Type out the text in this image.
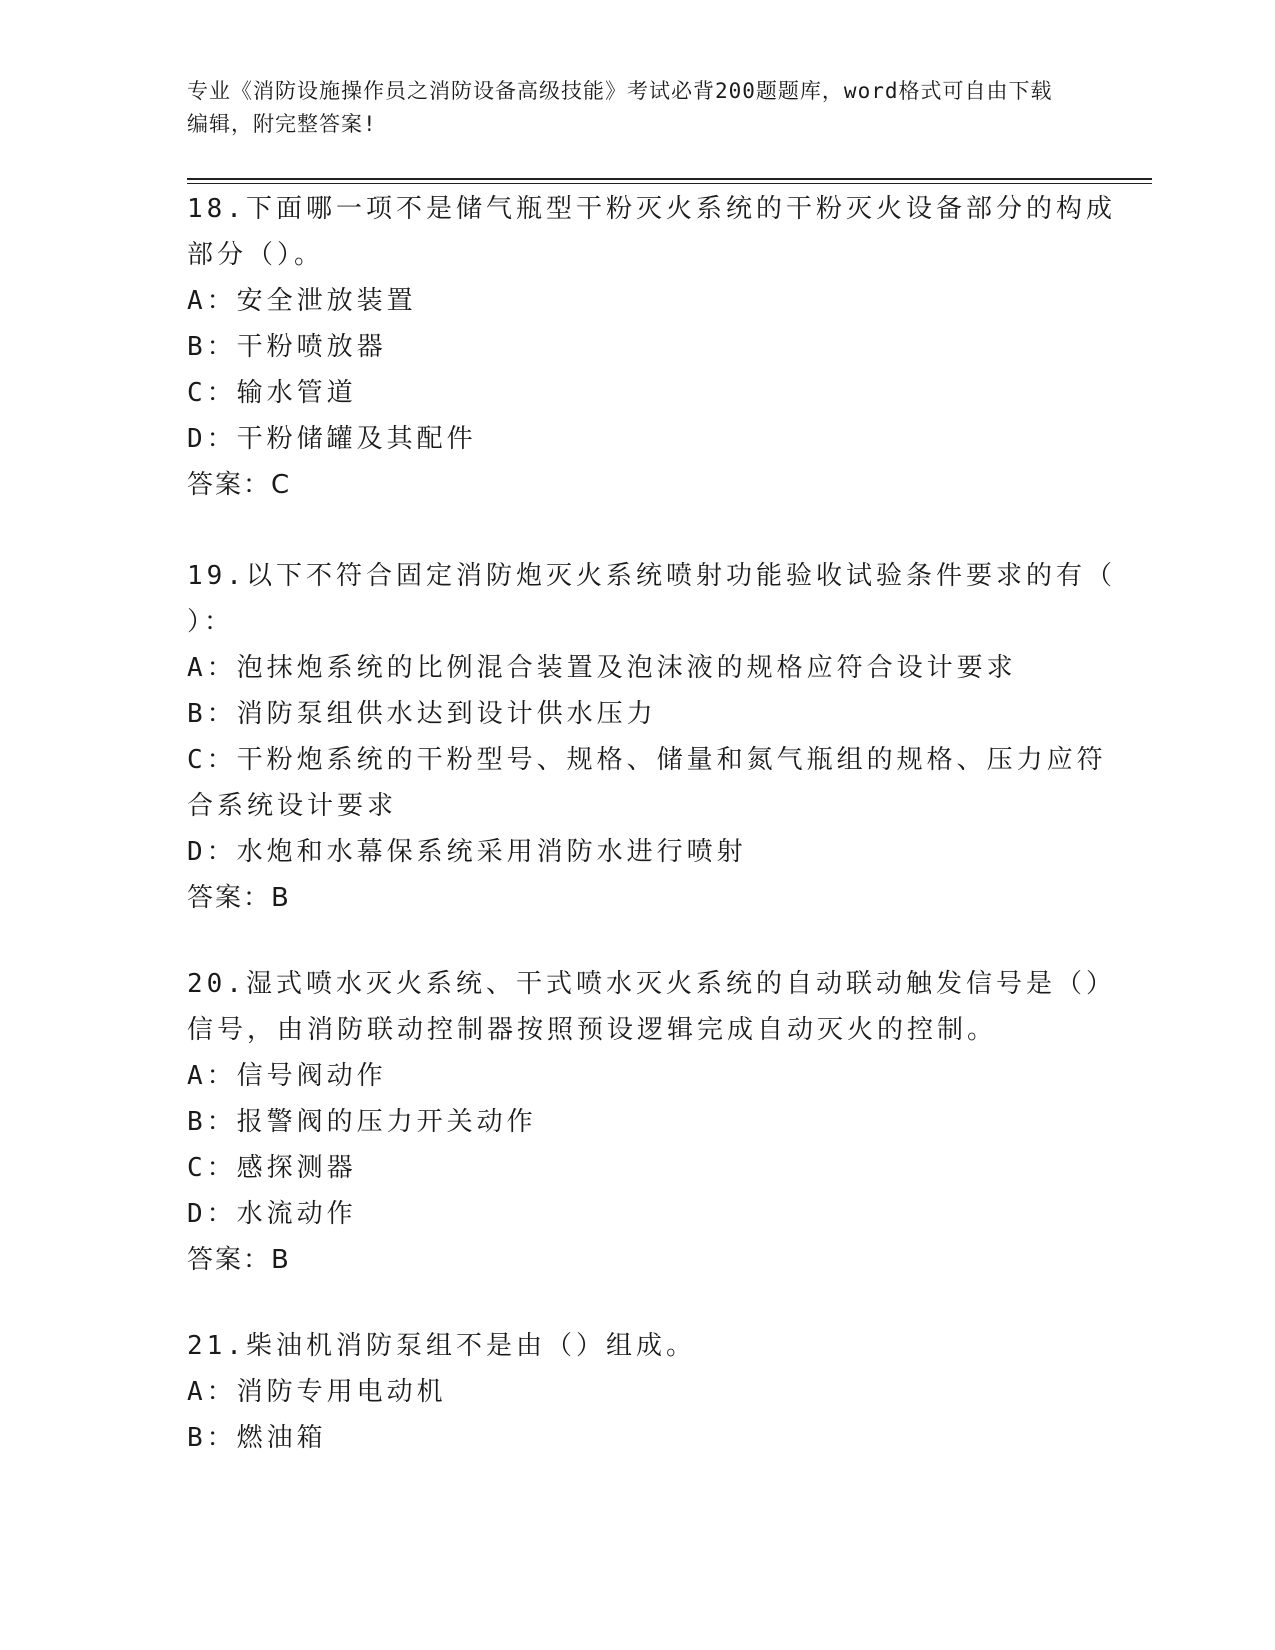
专业《消防设施操作员之消防设备高级技能》考试必背200题题库，word格式可自由下载编辑，附完整答案!
18.下面哪一项不是储气瓶型干粉灭火系统的干粉灭火设备部分的构成
部分（）。
A：安全泄放装置
B：干粉喷放器
C：输水管道
D：干粉储罐及其配件
答案：C
19.以下不符合固定消防炮灭火系统喷射功能验收试验条件要求的有（
）：
A：泡抹炮系统的比例混合装置及泡沫液的规格应符合设计要求
B：消防泵组供水达到设计供水压力
C：干粉炮系统的干粉型号、规格、储量和氮气瓶组的规格、压力应符
合系统设计要求
D：水炮和水幕保系统采用消防水进行喷射
答案：B
20.湿式喷水灭火系统、干式喷水灭火系统的自动联动触发信号是（）
信号，由消防联动控制器按照预设逻辑完成自动灭火的控制。
A：信号阀动作
B：报警阀的压力开关动作
C：感探测器
D：水流动作
答案：B
21.柴油机消防泵组不是由（）组成。
A：消防专用电动机
B：燃油箱
